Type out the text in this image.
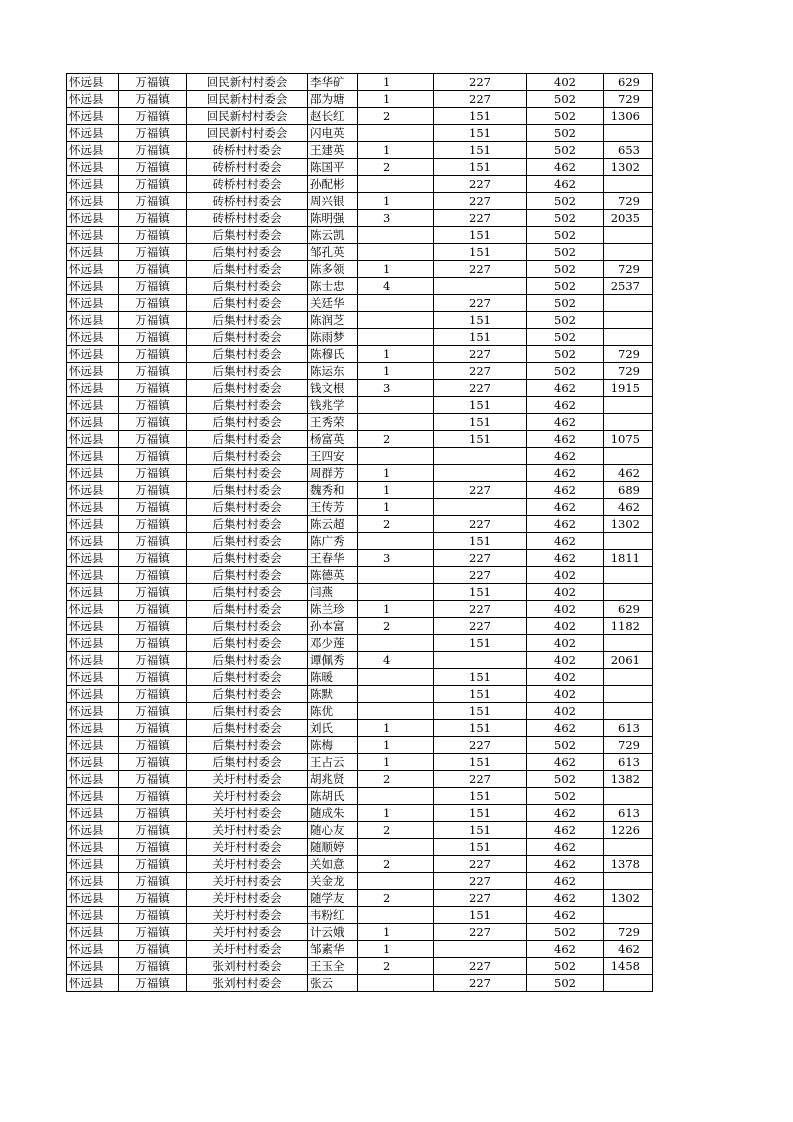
怀远县	万福镇	回民新村村委会	李华矿	1	227	402	629
怀远县	万福镇	回民新村村委会	邵为塘	1	227	502	729
怀远县	万福镇	回民新村村委会	赵长红	2	151	502	1306
怀远县	万福镇	回民新村村委会	闪电英		151	502	
怀远县	万福镇	砖桥村村委会	王建英	1	151	502	653
怀远县	万福镇	砖桥村村委会	陈国平	2	151	462	1302
怀远县	万福镇	砖桥村村委会	孙配彬		227	462	
怀远县	万福镇	砖桥村村委会	周兴银	1	227	502	729
怀远县	万福镇	砖桥村村委会	陈明强	3	227	502	2035
怀远县	万福镇	后集村村委会	陈云凯		151	502	
怀远县	万福镇	后集村村委会	邹孔英		151	502	
怀远县	万福镇	后集村村委会	陈多领	1	227	502	729
怀远县	万福镇	后集村村委会	陈士忠	4		502	2537
怀远县	万福镇	后集村村委会	关廷华		227	502	
怀远县	万福镇	后集村村委会	陈润芝		151	502	
怀远县	万福镇	后集村村委会	陈雨梦		151	502	
怀远县	万福镇	后集村村委会	陈穆氏	1	227	502	729
怀远县	万福镇	后集村村委会	陈运东	1	227	502	729
怀远县	万福镇	后集村村委会	钱文根	3	227	462	1915
怀远县	万福镇	后集村村委会	钱兆学		151	462	
怀远县	万福镇	后集村村委会	王秀荣		151	462	
怀远县	万福镇	后集村村委会	杨富英	2	151	462	1075
怀远县	万福镇	后集村村委会	王四安			462	
怀远县	万福镇	后集村村委会	周群芳	1		462	462
怀远县	万福镇	后集村村委会	魏秀和	1	227	462	689
怀远县	万福镇	后集村村委会	王传芳	1		462	462
怀远县	万福镇	后集村村委会	陈云超	2	227	462	1302
怀远县	万福镇	后集村村委会	陈广秀		151	462	
怀远县	万福镇	后集村村委会	王春华	3	227	462	1811
怀远县	万福镇	后集村村委会	陈德英		227	402	
怀远县	万福镇	后集村村委会	闫燕		151	402	
怀远县	万福镇	后集村村委会	陈兰珍	1	227	402	629
怀远县	万福镇	后集村村委会	孙本富	2	227	402	1182
怀远县	万福镇	后集村村委会	邓少莲		151	402	
怀远县	万福镇	后集村村委会	谭佩秀	4		402	2061
怀远县	万福镇	后集村村委会	陈暖		151	402	
怀远县	万福镇	后集村村委会	陈默		151	402	
怀远县	万福镇	后集村村委会	陈优		151	402	
怀远县	万福镇	后集村村委会	刘氏	1	151	462	613
怀远县	万福镇	后集村村委会	陈梅	1	227	502	729
怀远县	万福镇	后集村村委会	王占云	1	151	462	613
怀远县	万福镇	关圩村村委会	胡兆贤	2	227	502	1382
怀远县	万福镇	关圩村村委会	陈胡氏		151	502	
怀远县	万福镇	关圩村村委会	随成朱	1	151	462	613
怀远县	万福镇	关圩村村委会	随心友	2	151	462	1226
怀远县	万福镇	关圩村村委会	随顺婷		151	462	
怀远县	万福镇	关圩村村委会	关如意	2	227	462	1378
怀远县	万福镇	关圩村村委会	关金龙		227	462	
怀远县	万福镇	关圩村村委会	随学友	2	227	462	1302
怀远县	万福镇	关圩村村委会	韦粉红		151	462	
怀远县	万福镇	关圩村村委会	计云娥	1	227	502	729
怀远县	万福镇	关圩村村委会	邹素华	1		462	462
怀远县	万福镇	张刘村村委会	王玉全	2	227	502	1458
怀远县	万福镇	张刘村村委会	张云		227	502	
